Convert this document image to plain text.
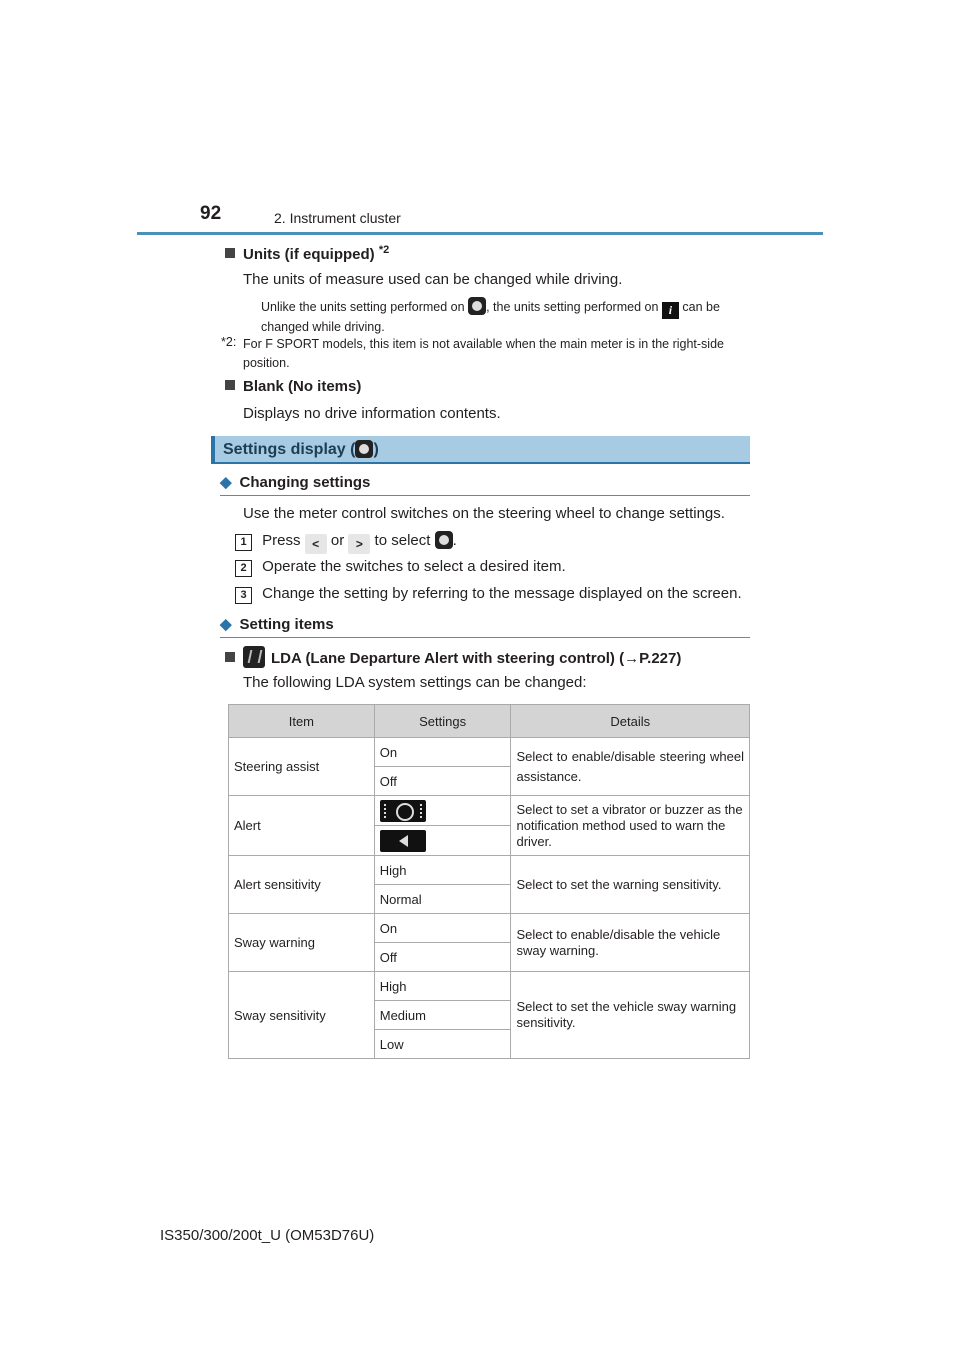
92	2. Instrument cluster
Units (if equipped) $^{*2}$
The units of measure used can be changed while driving.
Unlike the units setting performed on , the units setting performed on i can be changed while driving.
*2: For F SPORT models, this item is not available when the main meter is in the right-side position.
Blank (No items)
Displays no drive information contents.
Settings display ( )
◆ Changing settings
Use the meter control switches on the steering wheel to change settings.
1 Press < or > to select .
2 Operate the switches to select a desired item.
3 Change the setting by referring to the message displayed on the screen.
◆ Setting items
LDA (Lane Departure Alert with steering control) (→P.227)
The following LDA system settings can be changed:
Item	Settings	Details
Steering assist	On	Select to enable/disable steering wheel assistance.
	Off	
Alert		Select to set a vibrator or buzzer as the notification method used to warn the driver.

Alert sensitivity	High	Select to set the warning sensitivity.
	Normal	
Sway warning	On	Select to enable/disable the vehicle sway warning.
	Off	
Sway sensitivity	High	Select to set the vehicle sway warning sensitivity.
	Medium	
	Low	
IS350/300/200t_U (OM53D76U)
